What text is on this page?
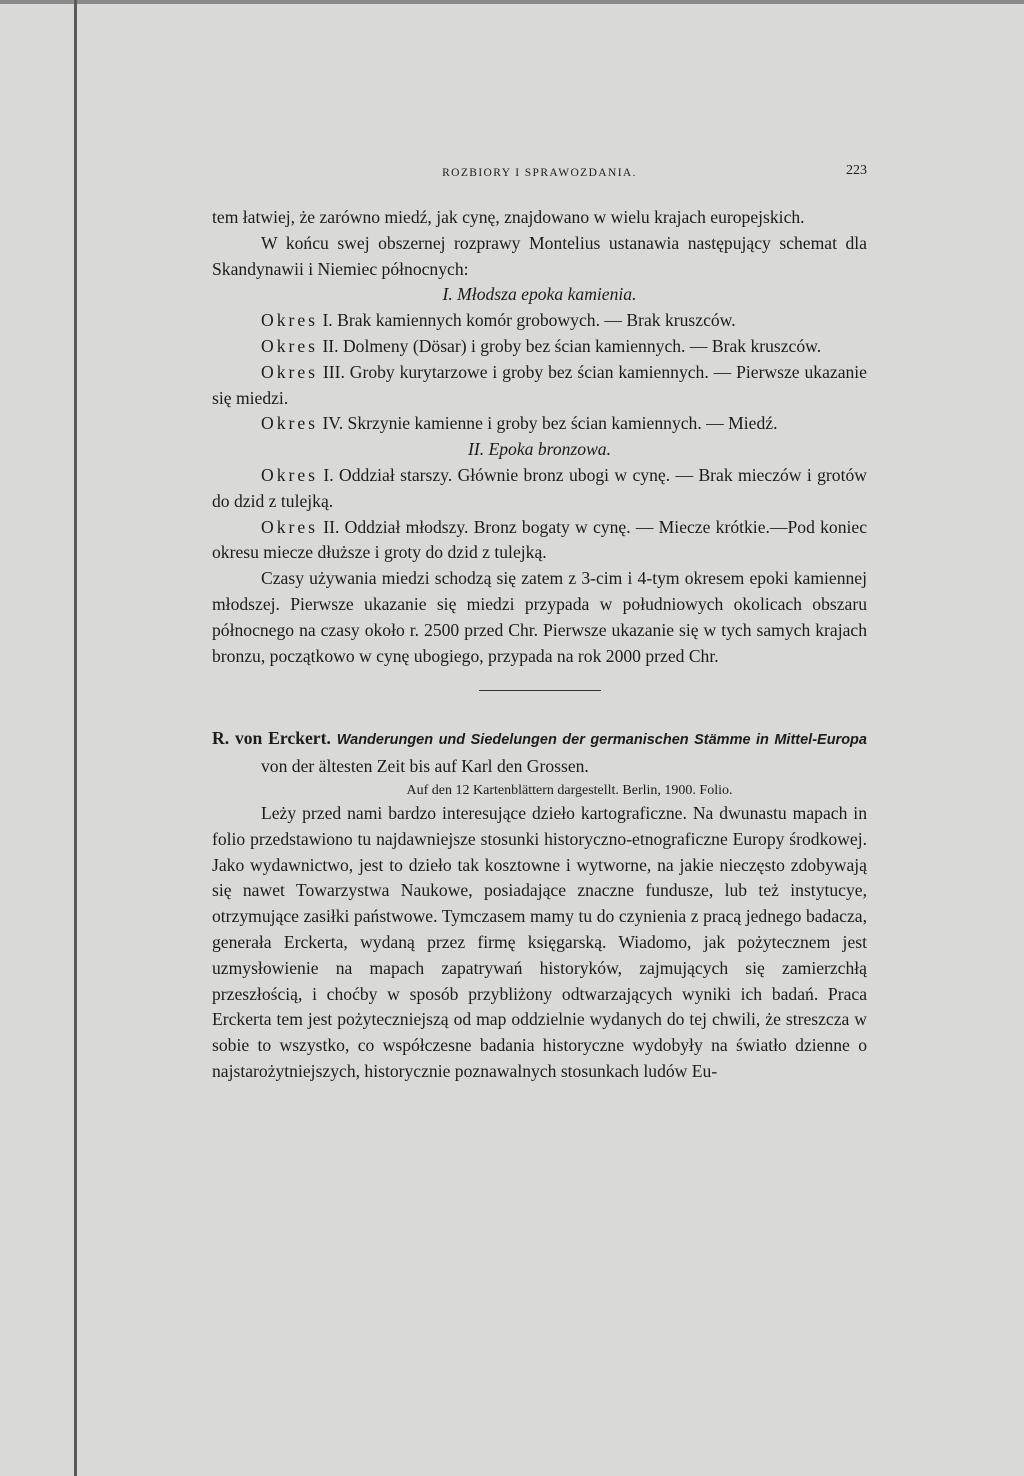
ROZBIORY I SPRAWOZDANIA.	223

tem łatwiej, że zarówno miedź, jak cynę, znajdowano w wielu krajach europejskich.

W końcu swej obszernej rozprawy Montelius ustanawia następujący schemat dla Skandynawii i Niemiec północnych:

I. Młodsza epoka kamienia.

Okres I. Brak kamiennych komór grobowych. — Brak kruszców.

Okres II. Dolmeny (Dösar) i groby bez ścian kamiennych. — Brak kruszców.

Okres III. Groby kurytarzowe i groby bez ścian kamiennych. — Pierwsze ukazanie się miedzi.

Okres IV. Skrzynie kamienne i groby bez ścian kamiennych. — Miedź.

II. Epoka bronzowa.

Okres I. Oddział starszy. Głównie bronz ubogi w cynę. — Brak mieczów i grotów do dzid z tulejką.

Okres II. Oddział młodszy. Bronz bogaty w cynę. — Miecze krótkie.—Pod koniec okresu miecze dłuższe i groty do dzid z tulejką.

Czasy używania miedzi schodzą się zatem z 3-cim i 4-tym okresem epoki kamiennej młodszej. Pierwsze ukazanie się miedzi przypada w południowych okolicach obszaru północnego na czasy około r. 2500 przed Chr. Pierwsze ukazanie się w tych samych krajach bronzu, początkowo w cynę ubogiego, przypada na rok 2000 przed Chr.

R. von Erckert. Wanderungen und Siedelungen der germanischen Stämme in Mittel-Europa von der ältesten Zeit bis auf Karl den Grossen.

Auf den 12 Kartenblättern dargestellt. Berlin, 1900. Folio.

Leży przed nami bardzo interesujące dzieło kartograficzne. Na dwunastu mapach in folio przedstawiono tu najdawniejsze stosunki historyczno-etnograficzne Europy środkowej. Jako wydawnictwo, jest to dzieło tak kosztowne i wytworne, na jakie nieczęsto zdobywają się nawet Towarzystwa Naukowe, posiadające znaczne fundusze, lub też instytucye, otrzymujące zasiłki państwowe. Tymczasem mamy tu do czynienia z pracą jednego badacza, generała Erckerta, wydaną przez firmę księgarską. Wiadomo, jak pożytecznem jest uzmysłowienie na mapach zapatrywań historyków, zajmujących się zamierzchłą przeszłością, i choćby w sposób przybliżony odtwarzających wyniki ich badań. Praca Erckerta tem jest pożyteczniejszą od map oddzielnie wydanych do tej chwili, że streszcza w sobie to wszystko, co współczesne badania historyczne wydobyły na światło dzienne o najstarożytniejszych, historycznie poznawalnych stosunkach ludów Eu-
